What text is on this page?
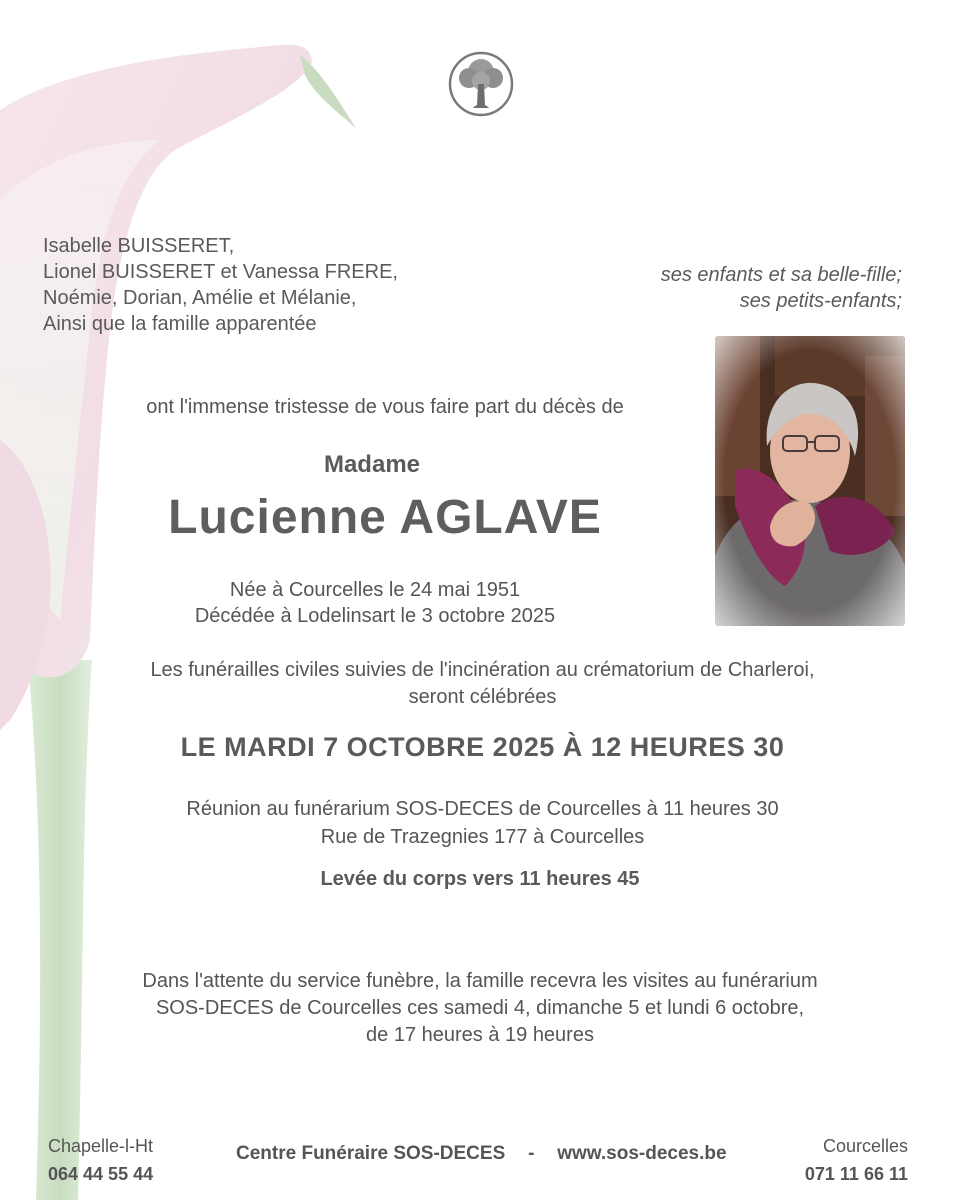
Isabelle BUISSERET,
Lionel BUISSERET et Vanessa FRERE,
Noémie, Dorian, Amélie et Mélanie,
Ainsi que la famille apparentée
ses enfants et sa belle-fille;
ses petits-enfants;
ont l'immense tristesse de vous faire part du décès de
Madame
Lucienne AGLAVE
Née à Courcelles le 24 mai 1951
Décédée à Lodelinsart le 3 octobre 2025
Les funérailles civiles suivies de l'incinération au crématorium de Charleroi,
seront célébrées
LE MARDI 7 OCTOBRE 2025 À 12 HEURES 30
Réunion au funérarium SOS-DECES de Courcelles à 11 heures 30
Rue de Trazegnies 177 à Courcelles
Levée du corps vers 11 heures 45
Dans l'attente du service funèbre, la famille recevra les visites au funérarium
SOS-DECES de Courcelles ces samedi 4, dimanche 5 et lundi 6 octobre,
de 17 heures à 19 heures
Chapelle-l-Ht
064 44 55 44
Centre Funéraire SOS-DECES - www.sos-deces.be	Courcelles
071 11 66 11
